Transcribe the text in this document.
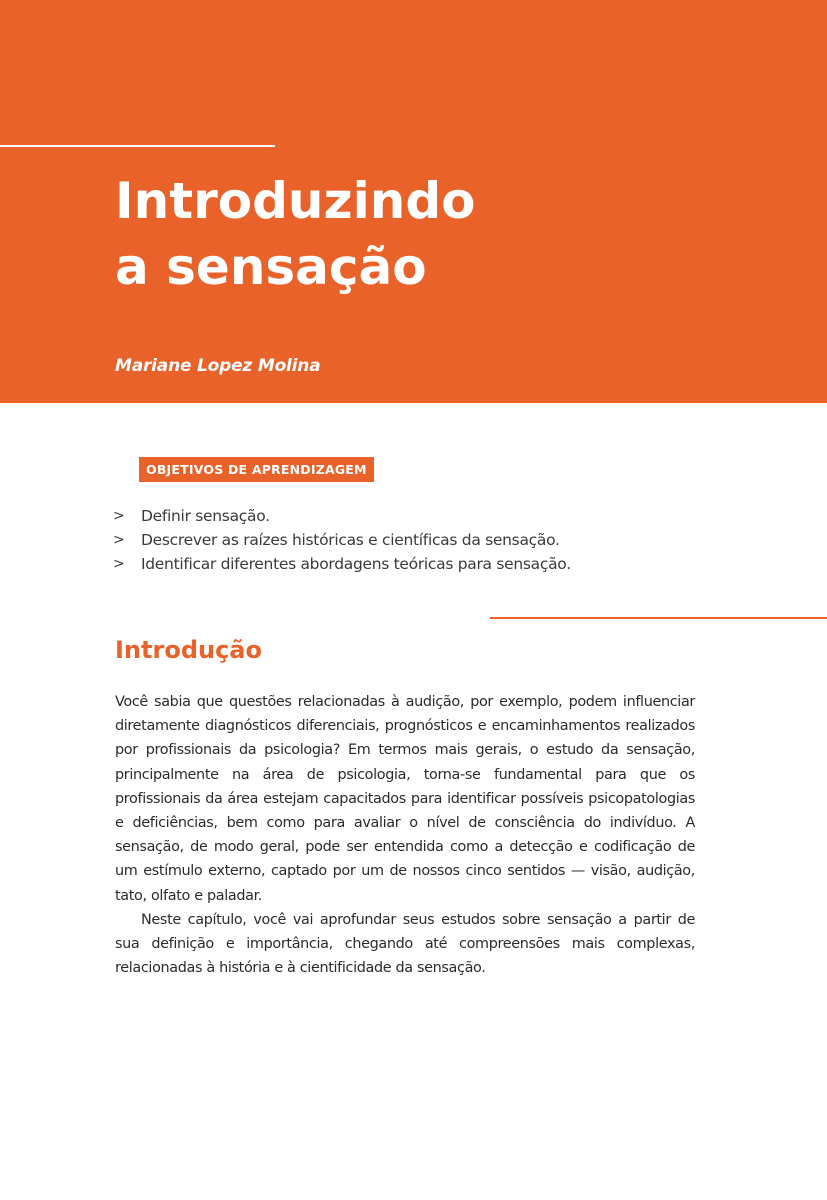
Introduzindo
a sensação

Mariane Lopez Molina

OBJETIVOS DE APRENDIZAGEM
> Definir sensação.
> Descrever as raízes históricas e científicas da sensação.
> Identificar diferentes abordagens teóricas para sensação.
Introdução

Você sabia que questões relacionadas à audição, por exemplo, podem influenciar diretamente diagnósticos diferenciais, prognósticos e encaminhamentos realizados por profissionais da psicologia? Em termos mais gerais, o estudo da sensação, principalmente na área de psicologia, torna-se fundamental para que os profissionais da área estejam capacitados para identificar possíveis psicopatologias e deficiências, bem como para avaliar o nível de consciência do indivíduo. A sensação, de modo geral, pode ser entendida como a detecção e codificação de um estímulo externo, captado por um de nossos cinco sentidos — visão, audição, tato, olfato e paladar.

Neste capítulo, você vai aprofundar seus estudos sobre sensação a partir de sua definição e importância, chegando até compreensões mais complexas, relacionadas à história e à cientificidade da sensação.
